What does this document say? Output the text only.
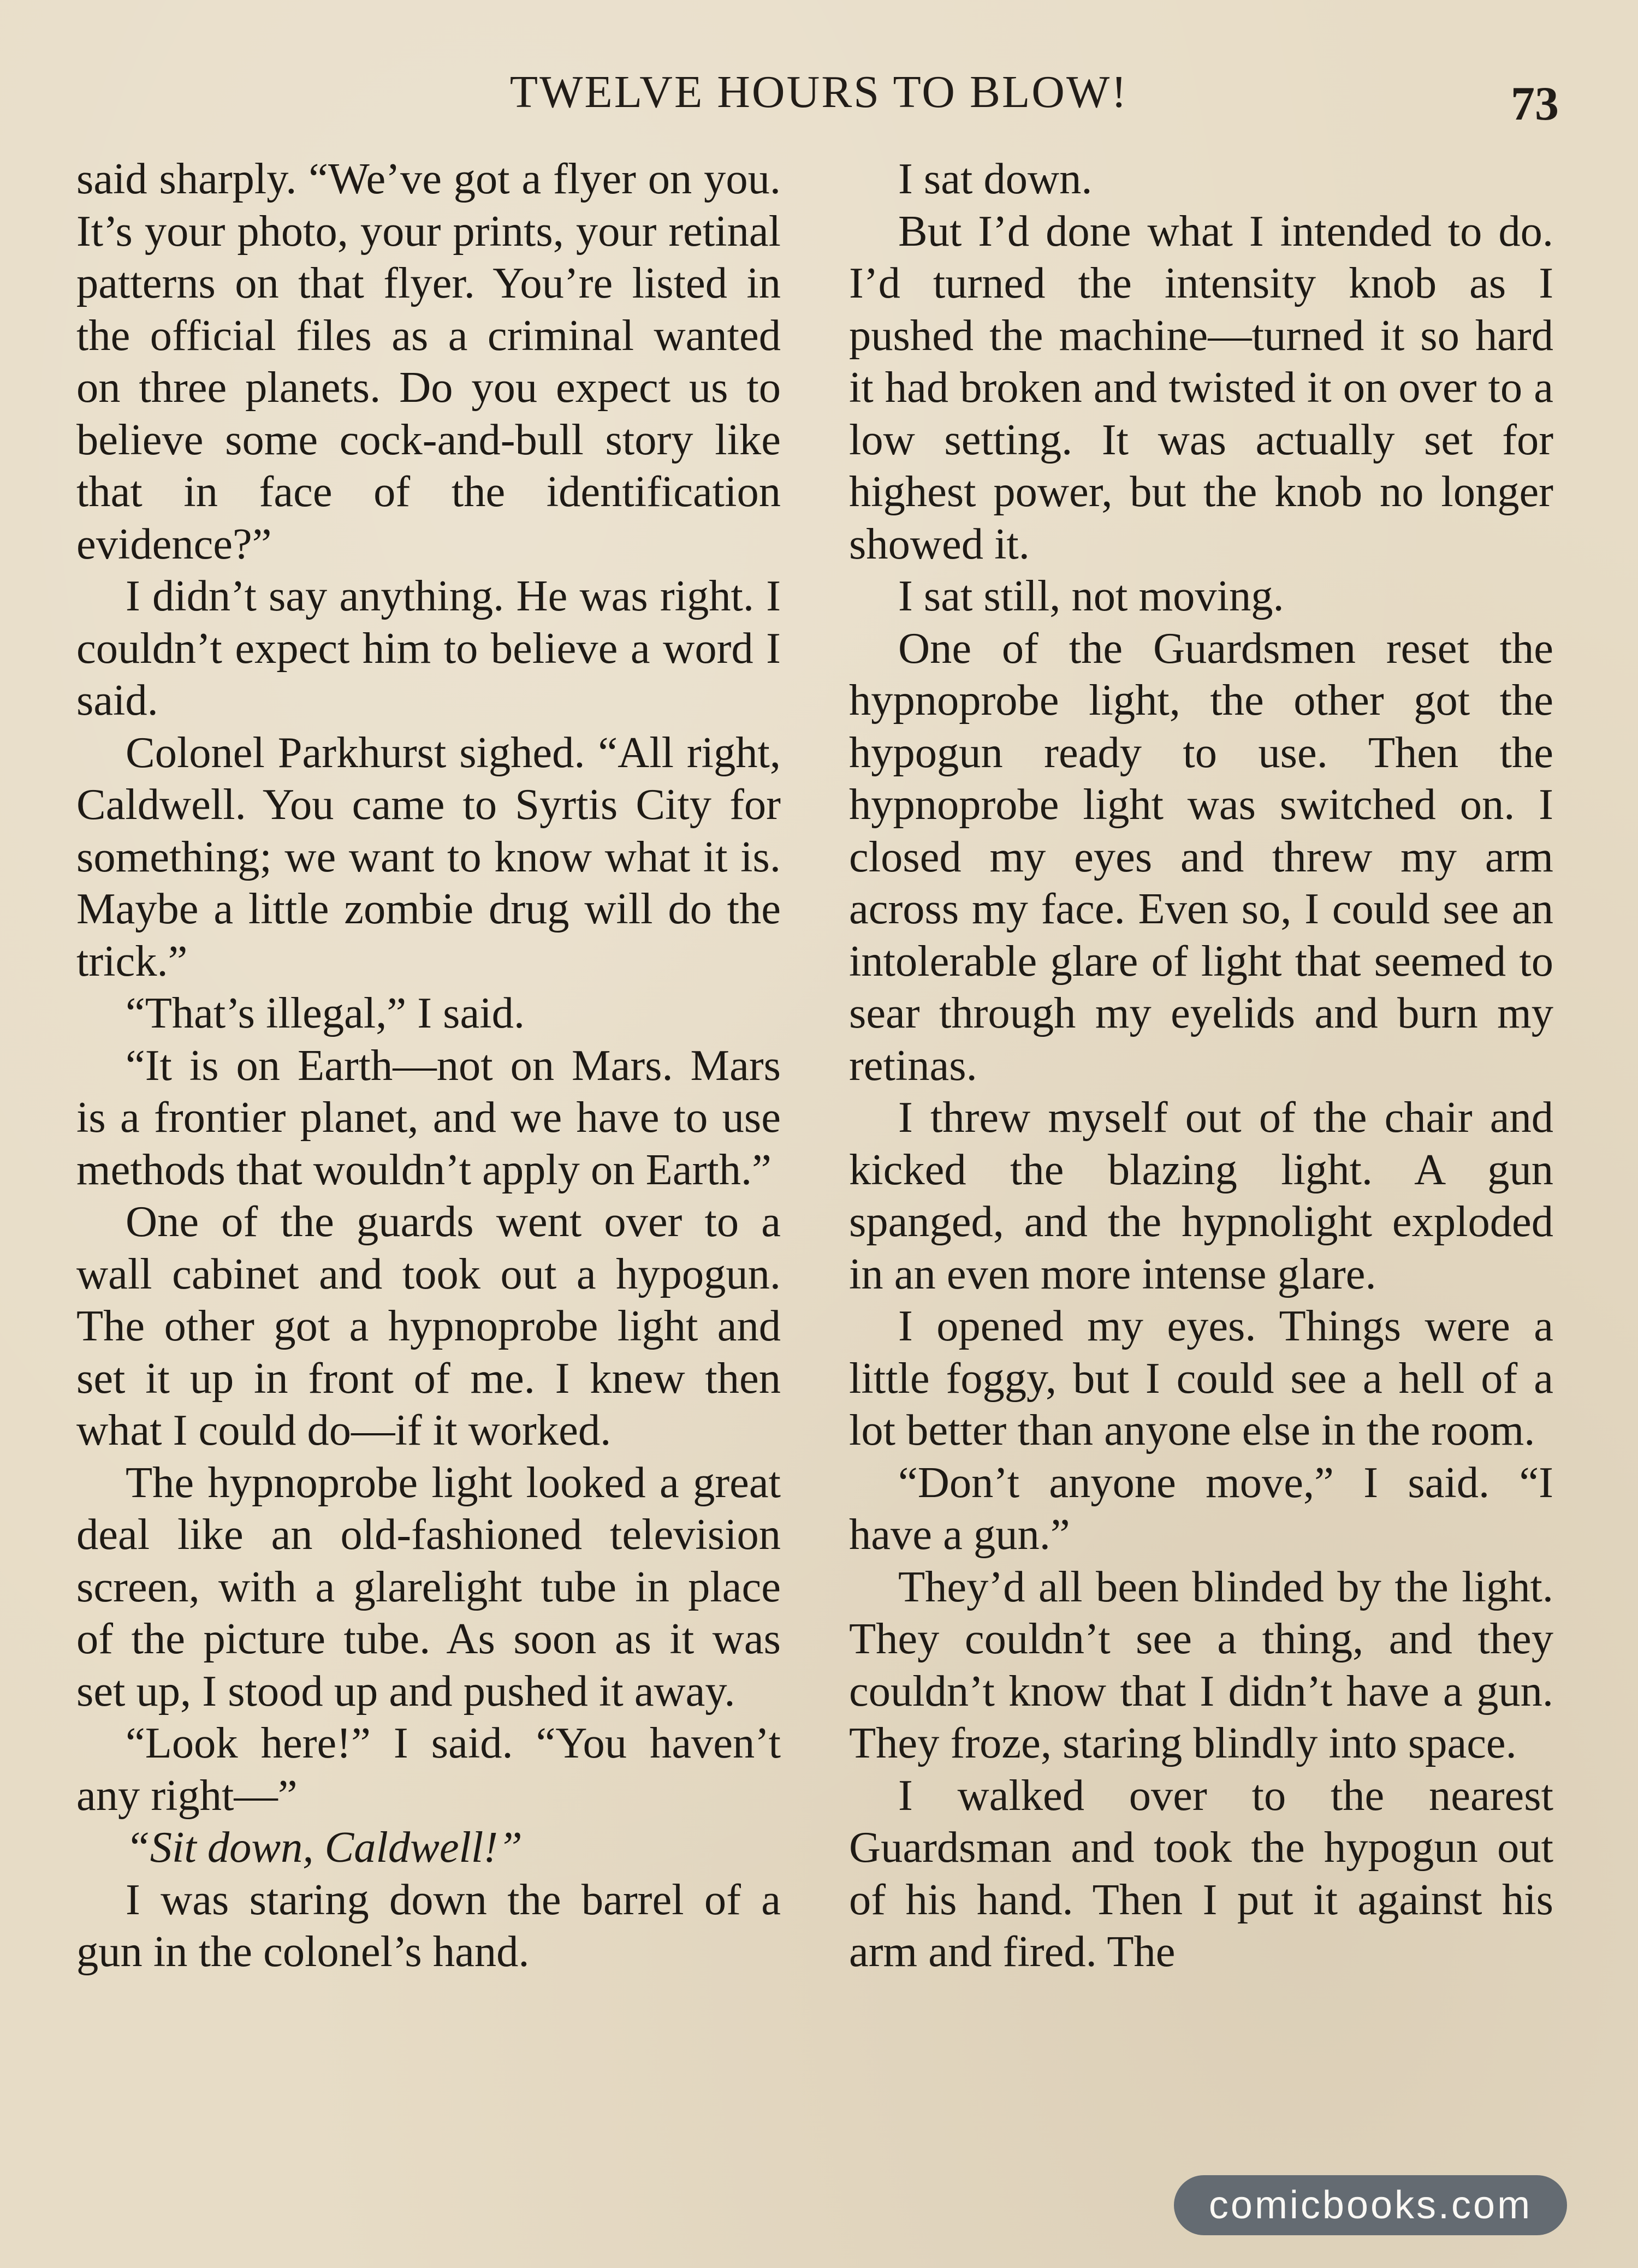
TWELVE HOURS TO BLOW!	73

said sharply. “We’ve got a flyer on you. It’s your photo, your prints, your retinal patterns on that flyer. You’re listed in the official files as a criminal wanted on three planets. Do you expect us to believe some cock-and-bull story like that in face of the identification evidence?”

I didn’t say anything. He was right. I couldn’t expect him to believe a word I said.

Colonel Parkhurst sighed. “All right, Caldwell. You came to Syrtis City for something; we want to know what it is. Maybe a little zombie drug will do the trick.”

“That’s illegal,” I said.

“It is on Earth—not on Mars. Mars is a frontier planet, and we have to use methods that wouldn’t apply on Earth.”

One of the guards went over to a wall cabinet and took out a hypogun. The other got a hypnoprobe light and set it up in front of me. I knew then what I could do—if it worked.

The hypnoprobe light looked a great deal like an old-fashioned television screen, with a glarelight tube in place of the picture tube. As soon as it was set up, I stood up and pushed it away.

“Look here!” I said. “You haven’t any right—”

“Sit down, Caldwell!”

I was staring down the barrel of a gun in the colonel’s hand.

I sat down.

But I’d done what I intended to do. I’d turned the intensity knob as I pushed the machine—turned it so hard it had broken and twisted it on over to a low setting. It was actually set for highest power, but the knob no longer showed it.

I sat still, not moving.

One of the Guardsmen reset the hypnoprobe light, the other got the hypogun ready to use. Then the hypnoprobe light was switched on. I closed my eyes and threw my arm across my face. Even so, I could see an intolerable glare of light that seemed to sear through my eyelids and burn my retinas.

I threw myself out of the chair and kicked the blazing light. A gun spanged, and the hypnolight exploded in an even more intense glare.

I opened my eyes. Things were a little foggy, but I could see a hell of a lot better than anyone else in the room.

“Don’t anyone move,” I said. “I have a gun.”

They’d all been blinded by the light. They couldn’t see a thing, and they couldn’t know that I didn’t have a gun. They froze, staring blindly into space.

I walked over to the nearest Guardsman and took the hypogun out of his hand. Then I put it against his arm and fired. The

comicbooks.com
